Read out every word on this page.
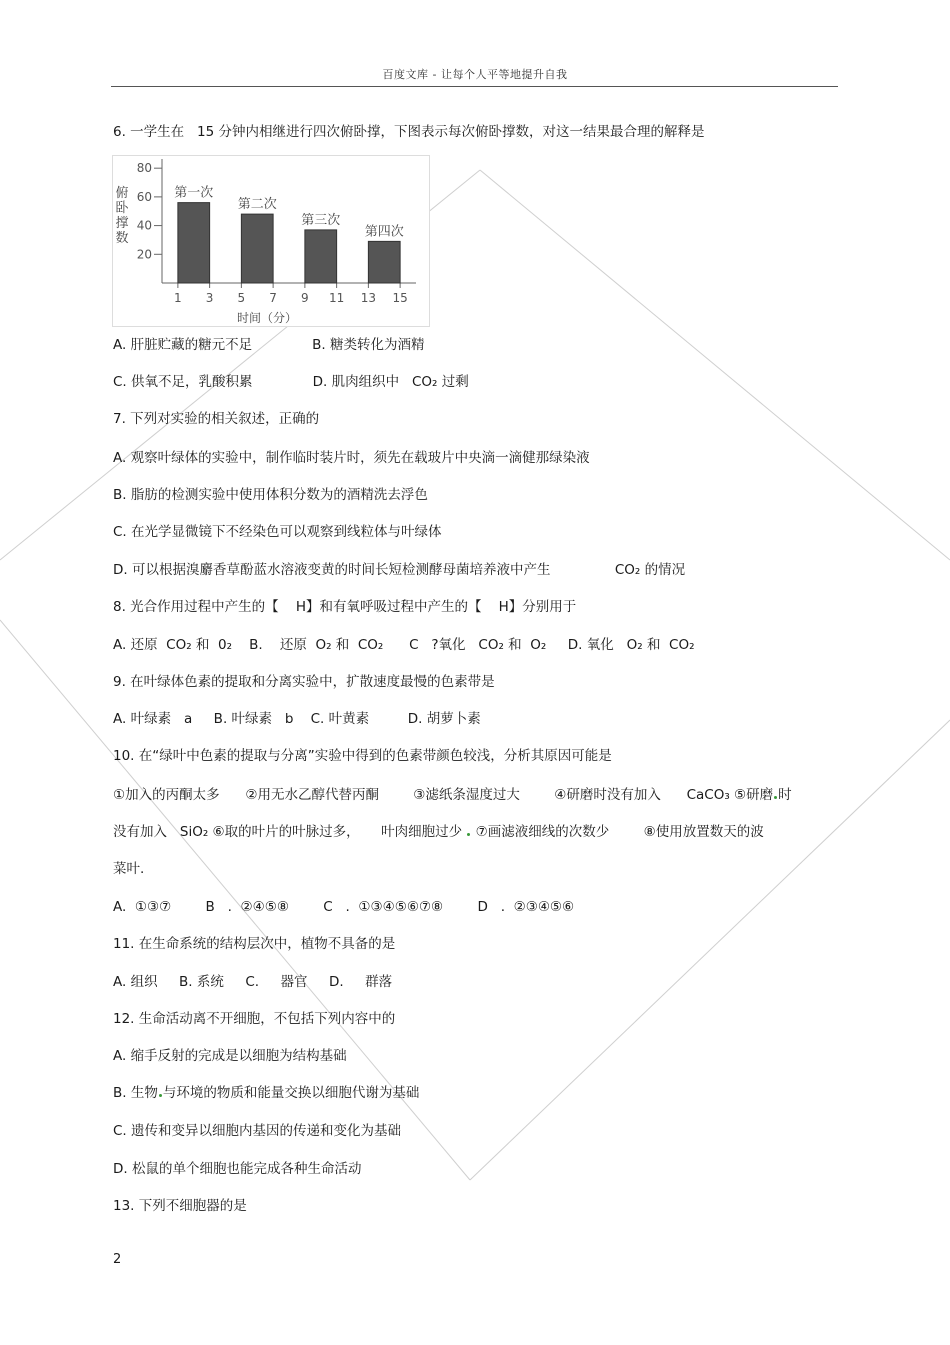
百度文库 - 让每个人平等地提升自我
6. 一学生在   15 分钟内相继进行四次俯卧撑，下图表示每次俯卧撑数，对这一结果最合理的解释是
20
40
60
80
1 3 5 7 9 11 13 15
第一次
第二次
第三次
第四次
俯
卧
撑
数
时间（分）
A. 肝脏贮藏的糖元不足              B. 糖类转化为酒精
C. 供氧不足，乳酸积累              D. 肌肉组织中   CO₂ 过剩
7. 下列对实验的相关叙述，正确的
A. 观察叶绿体的实验中，制作临时装片时，须先在载玻片中央滴一滴健那绿染液
B. 脂肪的检测实验中使用体积分数为的酒精洗去浮色
C. 在光学显微镜下不经染色可以观察到线粒体与叶绿体
D. 可以根据溴麝香草酚蓝水溶液变黄的时间长短检测酵母菌培养液中产生               CO₂ 的情况
8. 光合作用过程中产生的【    H】和有氧呼吸过程中产生的【    H】分别用于
A. 还原  CO₂ 和  0₂    B.    还原  O₂ 和  CO₂      C   ?氧化   CO₂ 和  O₂     D. 氧化   O₂ 和  CO₂
9. 在叶绿体色素的提取和分离实验中，扩散速度最慢的色素带是
A. 叶绿素   a     B. 叶绿素   b    C. 叶黄素         D. 胡萝卜素
10. 在“绿叶中色素的提取与分离”实验中得到的色素带颜色较浅，分析其原因可能是
①加入的丙酮太多      ②用无水乙醇代替丙酮        ③滤纸条湿度过大        ④研磨时没有加入      CaCO₃ ⑤研磨 时
没有加入   SiO₂ ⑥取的叶片的叶脉过多，     叶肉细胞过少  ⑦画滤液细线的次数少        ⑧使用放置数天的波
菜叶.
A.  ①③⑦        B   .  ②④⑤⑧        C   .  ①③④⑤⑥⑦⑧        D   .  ②③④⑤⑥
11. 在生命系统的结构层次中，植物不具备的是
A. 组织     B. 系统     C.     器官     D.     群落
12. 生命活动离不开细胞，不包括下列内容中的
A. 缩手反射的完成是以细胞为结构基础
B. 生物 与环境的物质和能量交换以细胞代谢为基础
C. 遗传和变异以细胞内基因的传递和变化为基础
D. 松鼠的单个细胞也能完成各种生命活动
13. 下列不细胞器的是
2
